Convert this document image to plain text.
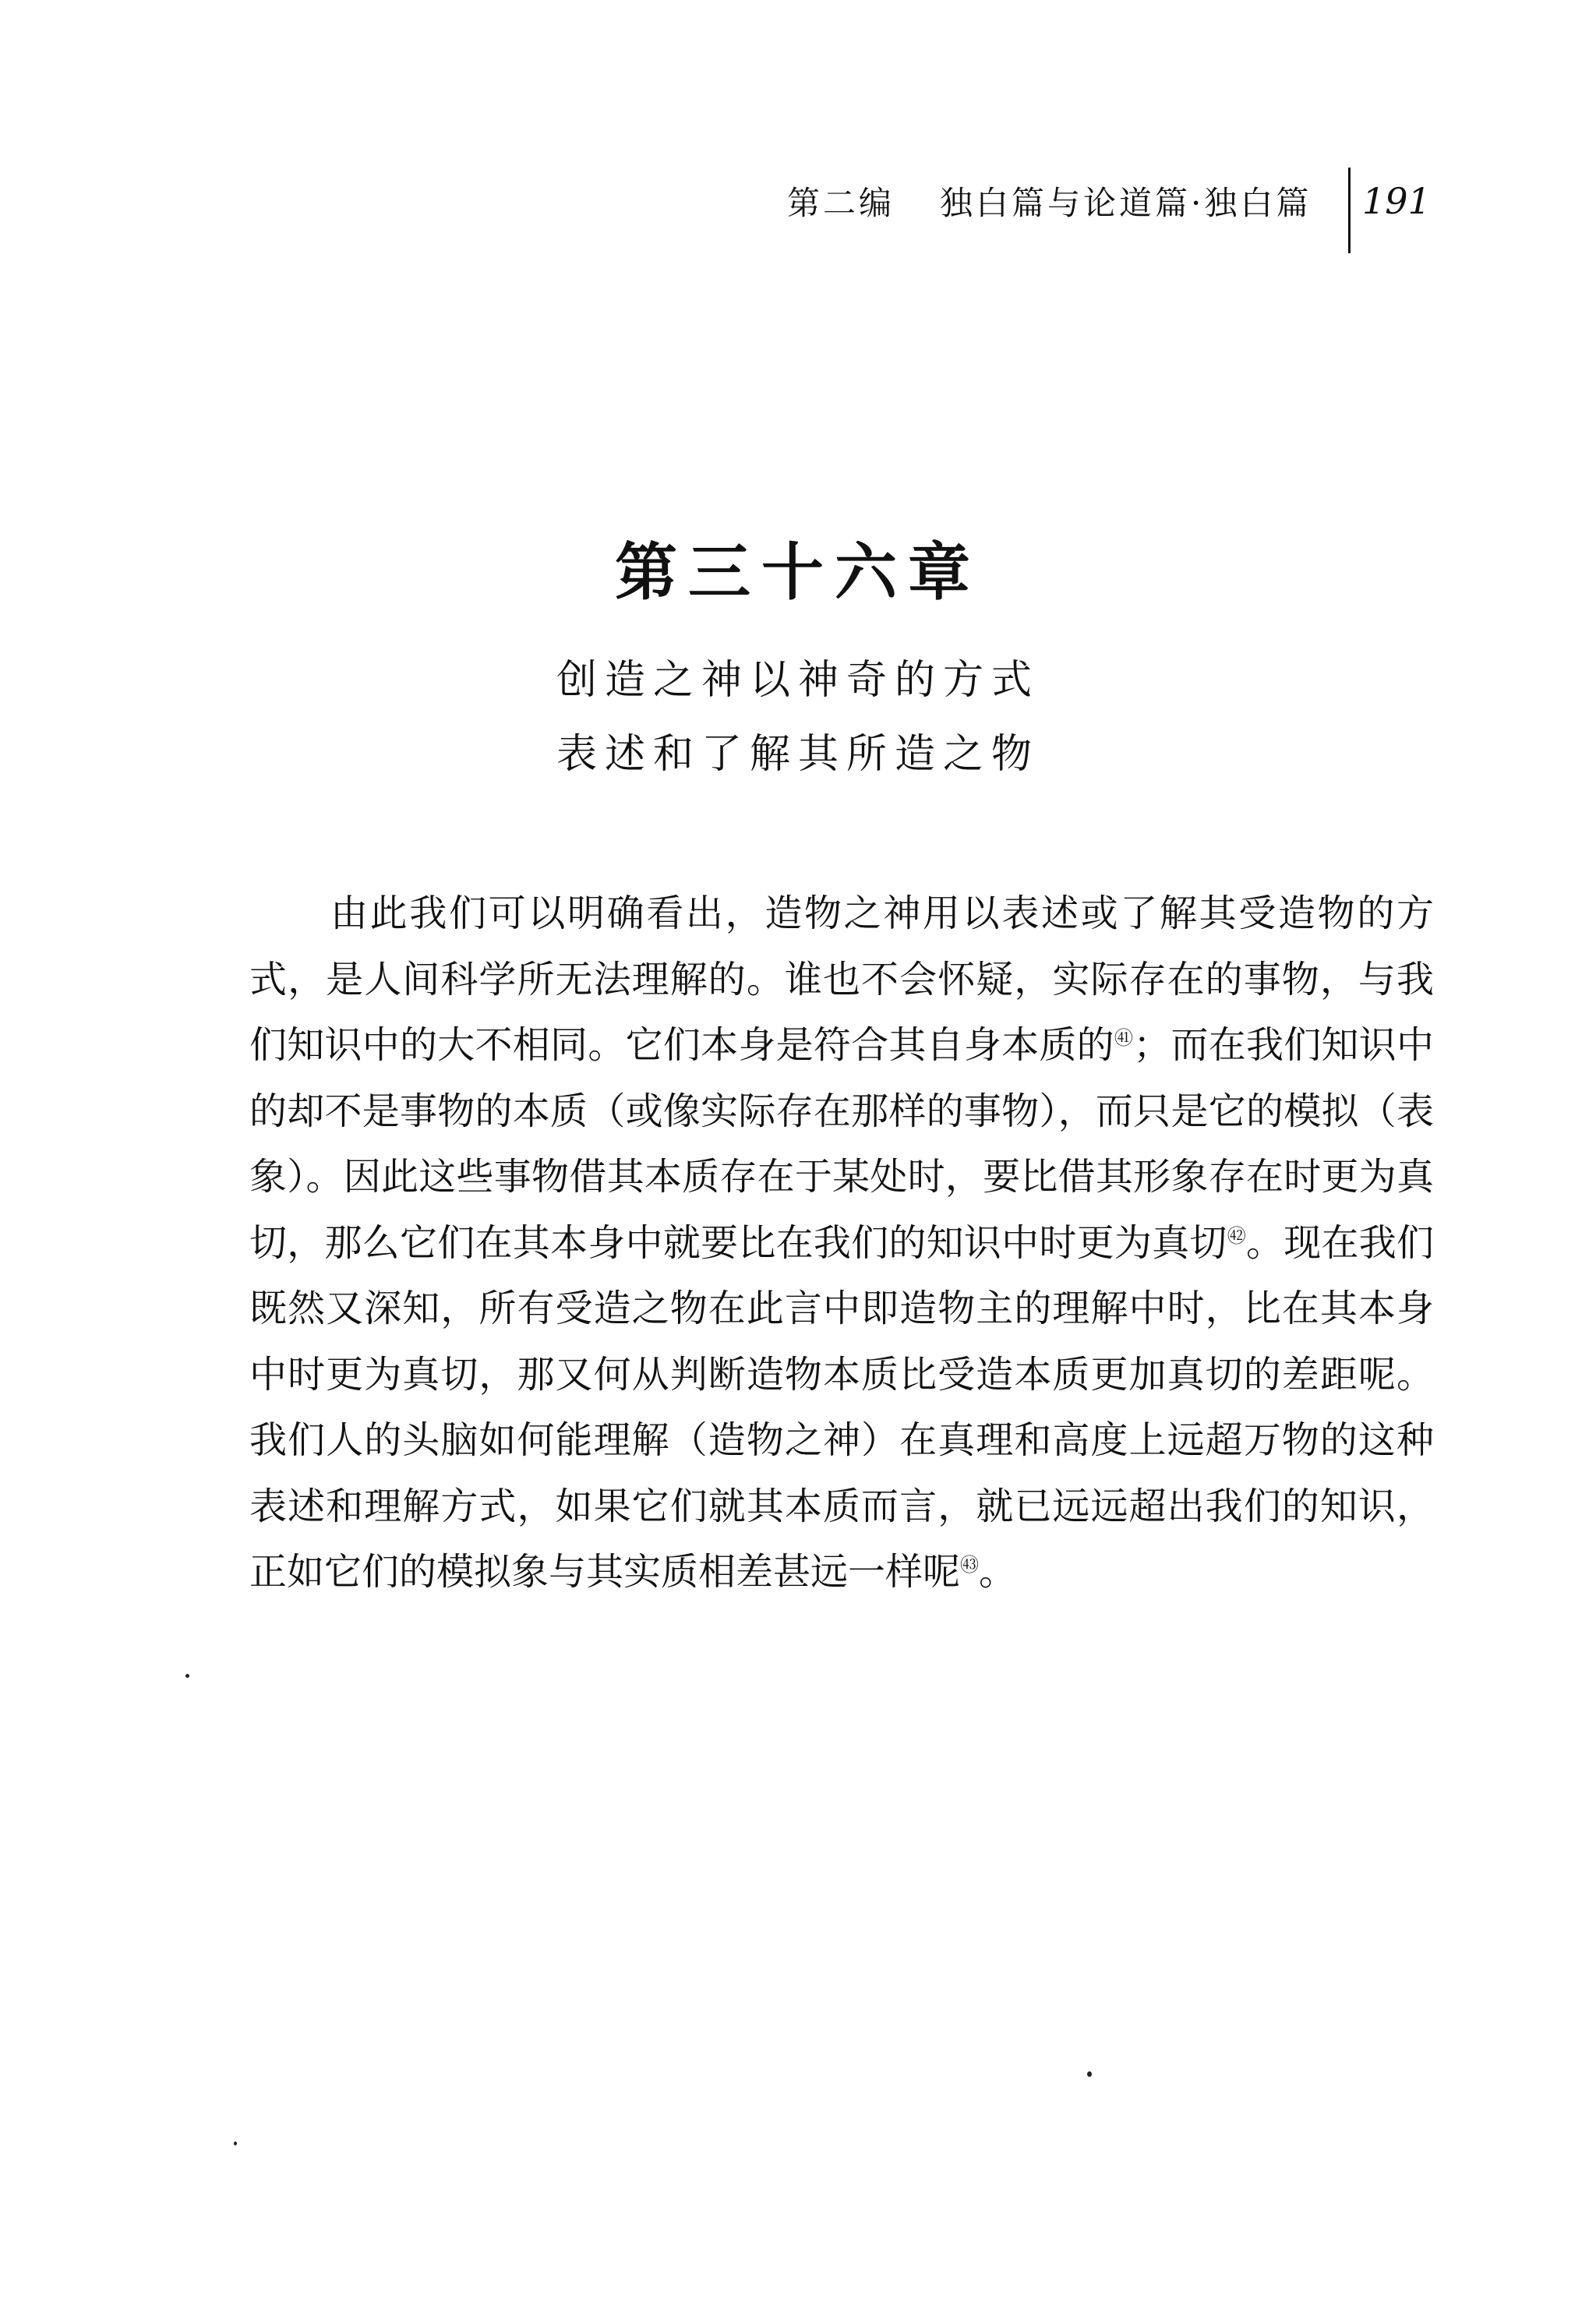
第二编 独白篇与论道篇·独白篇 191
第三十六章
创造之神以神奇的方式
表述和了解其所造之物

由此我们可以明确看出，造物之神用以表述或了解其受造物的方式，是人间科学所无法理解的。谁也不会怀疑，实际存在的事物，与我们知识中的大不相同。它们本身是符合其自身本质的$^㊶$；而在我们知识中的却不是事物的本质（或像实际存在那样的事物），而只是它的模拟（表象）。因此这些事物借其本质存在于某处时，要比借其形象存在时更为真切，那么它们在其本身中就要比在我们的知识中时更为真切$^㊷$。现在我们既然又深知，所有受造之物在此言中即造物主的理解中时，比在其本身中时更为真切，那又何从判断造物本质比受造本质更加真切的差距呢。我们人的头脑如何能理解（造物之神）在真理和高度上远超万物的这种表述和理解方式，如果它们就其本质而言，就已远远超出我们的知识，正如它们的模拟象与其实质相差甚远一样呢$^㊸$。
